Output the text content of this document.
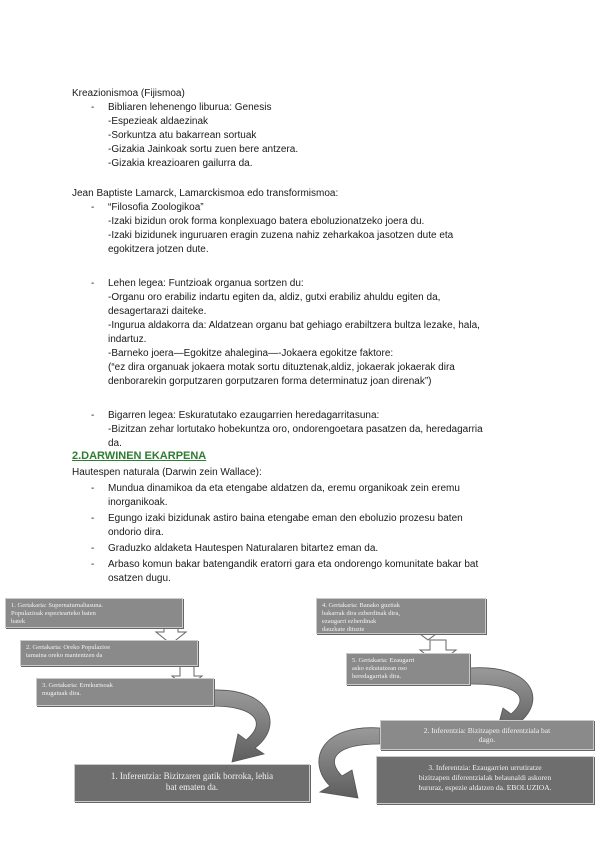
Kreazionismoa (Fijismoa)
- Bibliaren lehenengo liburua: Genesis
-Espezieak aldaezinak
-Sorkuntza atu bakarrean sortuak
-Gizakia Jainkoak sortu zuen bere antzera.
-Gizakia kreazioaren gailurra da.
Jean Baptiste Lamarck, Lamarckismoa edo transformismoa:
- “Filosofia Zoologikoa”
-Izaki bizidun orok forma konplexuago batera eboluzionatzeko joera du.
-Izaki bizidunek inguruaren eragin zuzena nahiz zeharkakoa jasotzen dute eta
egokitzera jotzen dute.
- Lehen legea: Funtzioak organua sortzen du:
-Organu oro erabiliz indartu egiten da, aldiz, gutxi erabiliz ahuldu egiten da,
desagertarazi daiteke.
-Ingurua aldakorra da: Aldatzean organu bat gehiago erabiltzera bultza lezake, hala,
indartuz.
-Barneko joera—Egokitze ahalegina—-Jokaera egokitze faktore:
(“ez dira organuak jokaera motak sortu dituztenak,aldiz, jokaerak jokaerak dira
denborarekin gorputzaren gorputzaren forma determinatuz joan direnak”)
- Bigarren legea: Eskuratutako ezaugarrien heredagarritasuna:
-Bizitzan zehar lortutako hobekuntza oro, ondorengoetara pasatzen da, heredagarria
da.
2.DARWINEN EKARPENA
Hautespen naturala (Darwin zein Wallace):
- Mundua dinamikoa da eta etengabe aldatzen da, eremu organikoak zein eremu
inorganikoak.
- Egungo izaki bizidunak astiro baina etengabe eman den eboluzio prozesu baten
ondorio dira.
- Graduzko aldaketa Hautespen Naturalaren bitartez eman da.
- Arbaso komun bakar batengandik eratorri gara eta ondorengo komunitate bakar bat
osatzen dugu.
1. Gertakaria: Supernaturnaltasuna.
Populazioak espeziearteko baten
batek
2. Gertakaria: Oreko Populazioe
tamaina oreko mantentzen da
3. Gertakaria: Errekurtsoak
mugatuak dira.
1. Inferentzia: Bizitzaren gatik borroka, lehia
bat ematen da.
4. Gertakaria: Banako guztiak
bakarrak dira ezberdinak dira,
ezaugarri ezberdinak
dauzkate dituzte
5. Gertakaria: Ezaugarri
asko ezkutatzean oso
heredagarriak dira.
2. Inferentzia: Bizitzapen diferentziala bat
dago.
3. Inferentzia: Ezaugarrien urrutiratze
bizitzapen diferentzialak belaunaldi askoren
bururaz, espezie aldatzen da. EBOLUZIOA.
